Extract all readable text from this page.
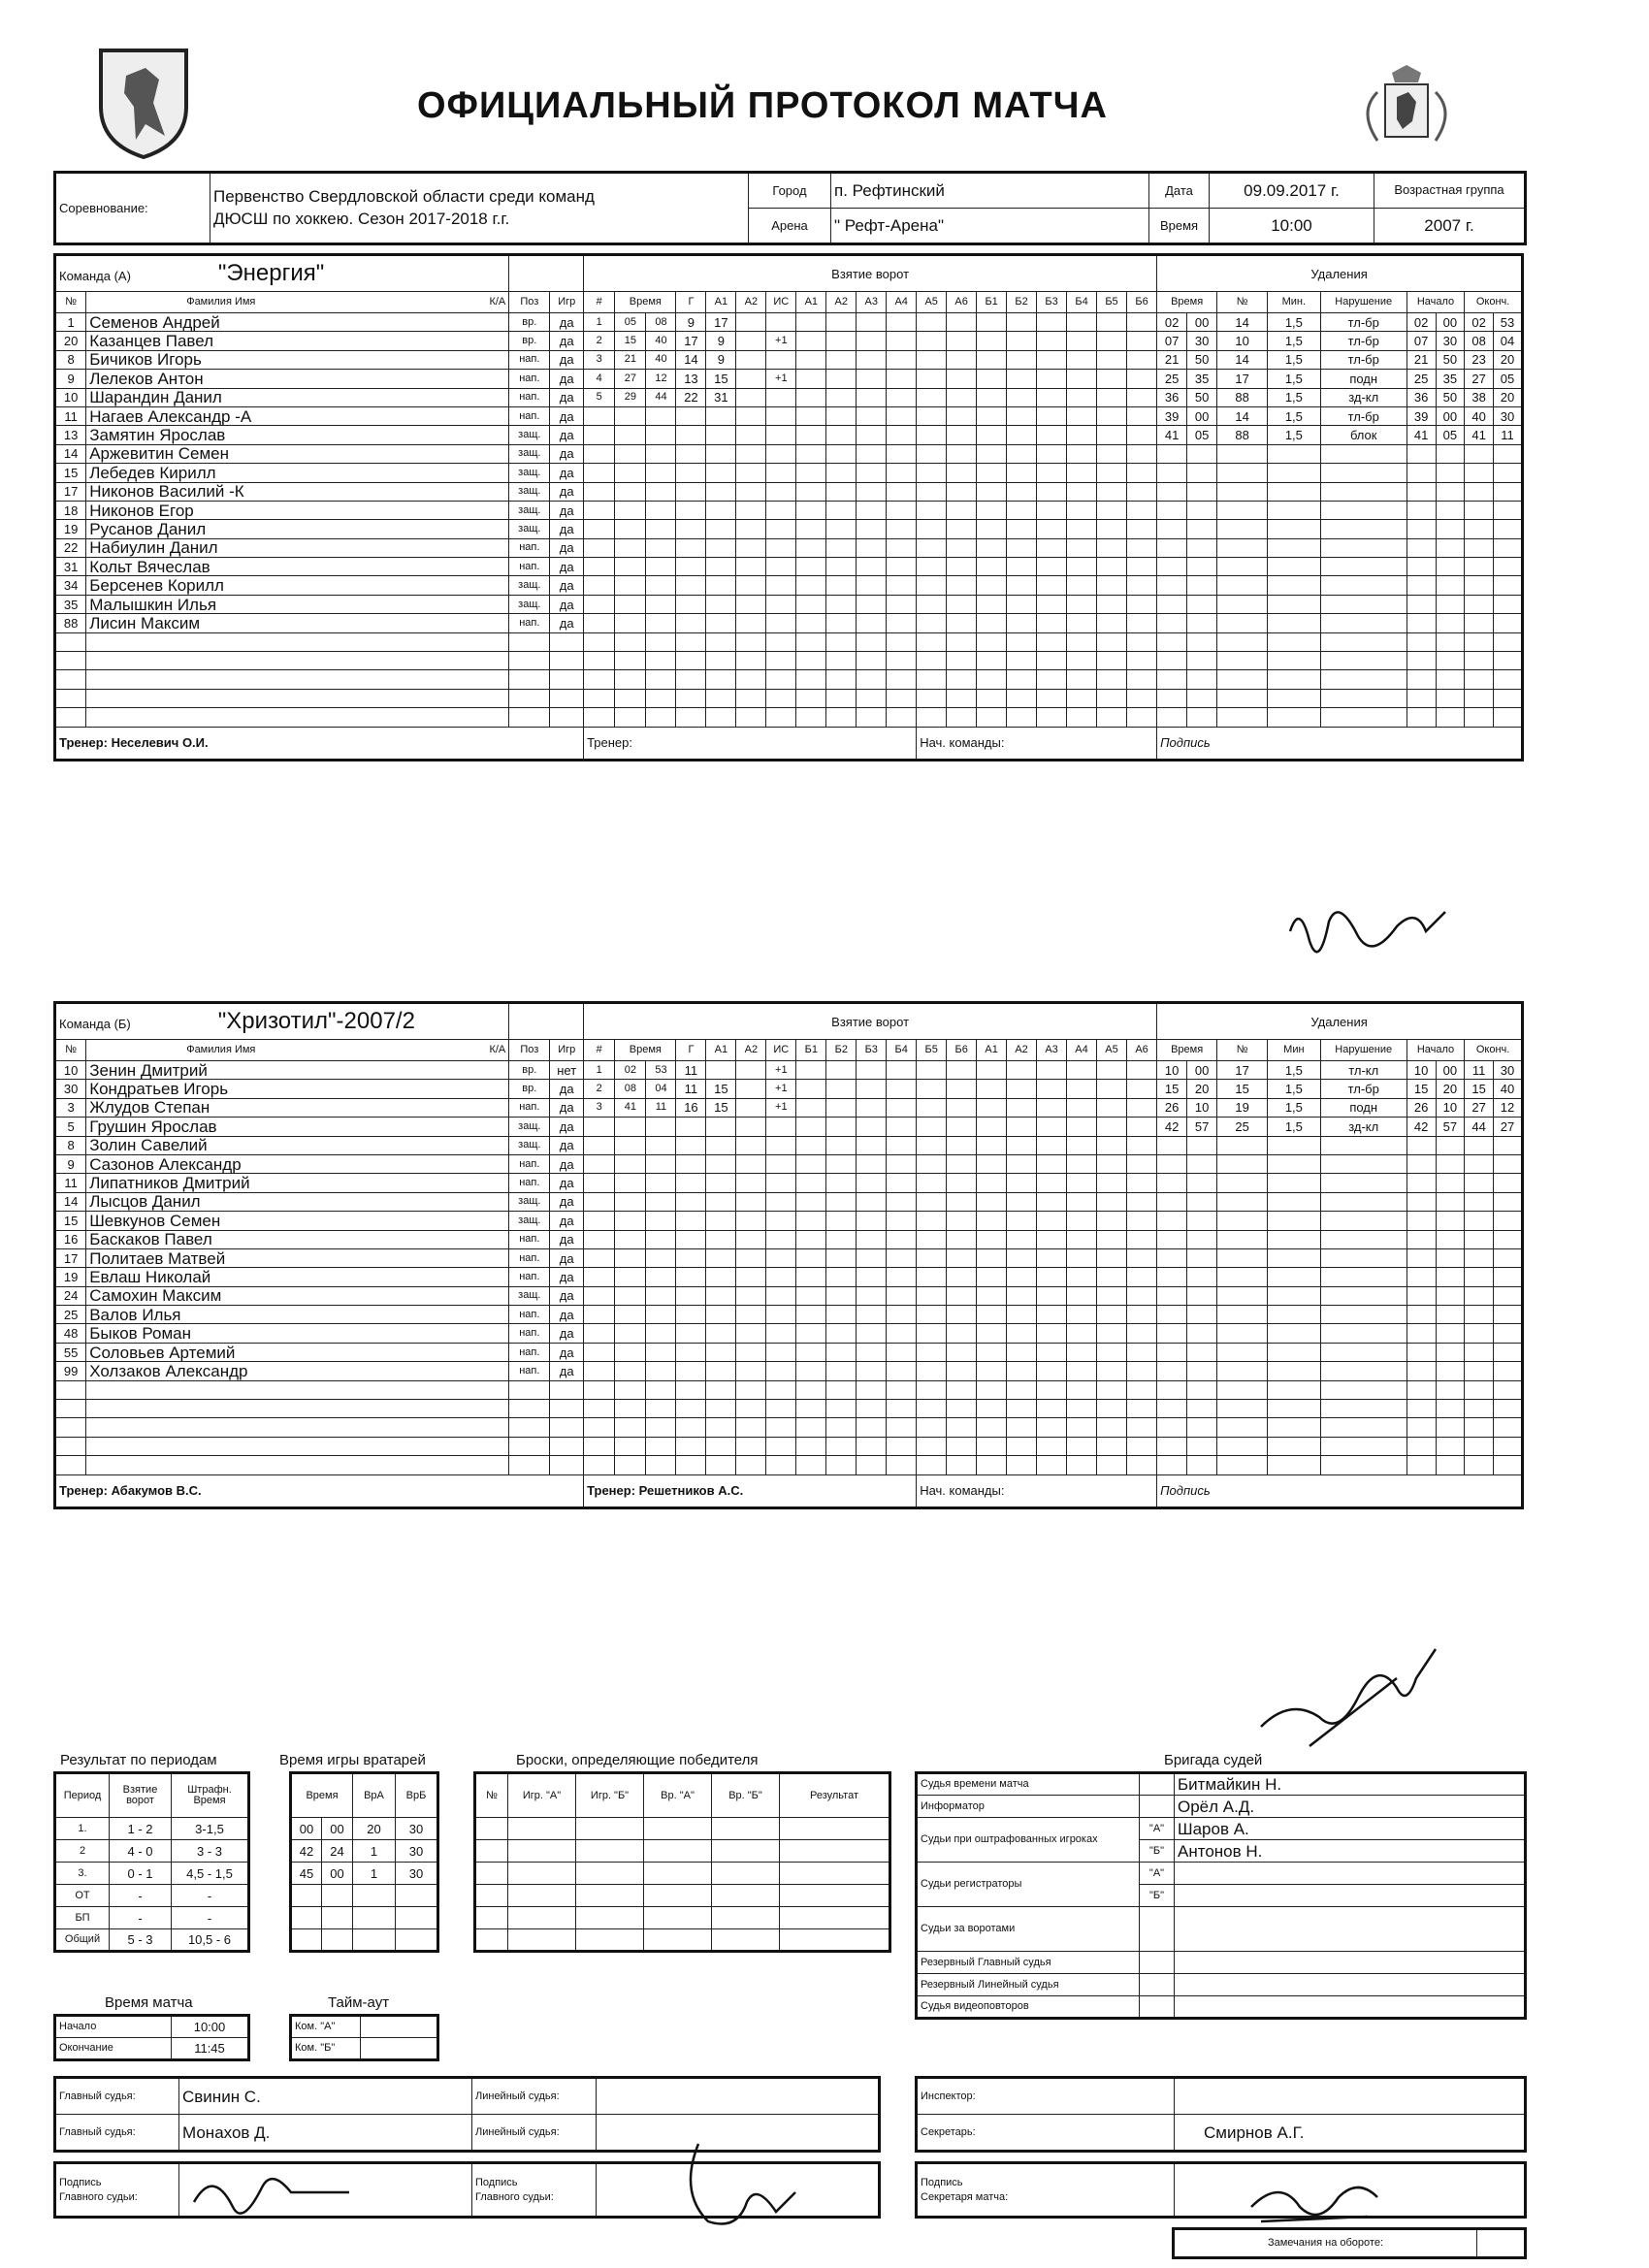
ОФИЦИАЛЬНЫЙ ПРОТОКОЛ МАТЧА
Соревнование:	Первенство Свердловской области среди команд
ДЮСШ по хоккею. Сезон 2017-2018 г.г.	Город	п. Рефтинский	Дата	09.09.2017 г.	Возрастная группа
		Арена	" Рефт-Арена"	Время	10:00	2007 г.
Команда (А) "Энергия"				Взятие ворот																			Удаления								
№	Фамилия Имя К/А	Поз	Игр	#	Время		Г	А1	А2	ИС	А1	А2	А3	А4	А5	А6	Б1	Б2	Б3	Б4	Б5	Б6	Время		№	Мин.	Нарушение	Начало		Оконч.	
1	Семенов Андрей	вр.	да	1	05	08	9	17															02	00	14	1,5	тл-бр	02	00	02	53
20	Казанцев Павел	вр.	да	2	15	40	17	9		+1													07	30	10	1,5	тл-бр	07	30	08	04
8	Бичиков Игорь	нап.	да	3	21	40	14	9															21	50	14	1,5	тл-бр	21	50	23	20
9	Лелеков Антон	нап.	да	4	27	12	13	15		+1													25	35	17	1,5	подн	25	35	27	05
10	Шарандин Данил	нап.	да	5	29	44	22	31															36	50	88	1,5	зд-кл	36	50	38	20
11	Нагаев Александр -А	нап.	да																				39	00	14	1,5	тл-бр	39	00	40	30
13	Замятин Ярослав	защ.	да																				41	05	88	1,5	блок	41	05	41	11
14	Аржевитин Семен	защ.	да																												
15	Лебедев Кирилл	защ.	да																												
17	Никонов Василий -К	защ.	да																												
18	Никонов Егор	защ.	да																												
19	Русанов Данил	защ.	да																												
22	Набиулин Данил	нап.	да																												
31	Кольт Вячеслав	нап.	да																												
34	Берсенев Корилл	защ.	да																												
35	Малышкин Илья	защ.	да																												
88	Лисин Максим	нап.	да																												

Тренер: Неселевич О.И.				Тренер:											Нач. команды:								Подпись								
Команда (Б) "Хризотил"-2007/2				Взятие ворот																			Удаления								
№	Фамилия Имя К/А	Поз	Игр	#	Время		Г	А1	А2	ИС	Б1	Б2	Б3	Б4	Б5	Б6	А1	А2	А3	А4	А5	А6	Время		№	Мин	Нарушение	Начало		Оконч.	
10	Зенин Дмитрий	вр.	нет	1	02	53	11			+1													10	00	17	1,5	тл-кл	10	00	11	30
30	Кондратьев Игорь	вр.	да	2	08	04	11	15		+1													15	20	15	1,5	тл-бр	15	20	15	40
3	Жлудов Степан	нап.	да	3	41	11	16	15		+1													26	10	19	1,5	подн	26	10	27	12
5	Грушин Ярослав	защ.	да																				42	57	25	1,5	зд-кл	42	57	44	27
8	Золин Савелий	защ.	да																												
9	Сазонов Александр	нап.	да																												
11	Липатников Дмитрий	нап.	да																												
14	Лысцов Данил	защ.	да																												
15	Шевкунов Семен	защ.	да																												
16	Баскаков Павел	нап.	да																												
17	Политаев Матвей	нап.	да																												
19	Евлаш Николай	нап.	да																												
24	Самохин Максим	защ.	да																												
25	Валов Илья	нап.	да																												
48	Быков Роман	нап.	да																												
55	Соловьев Артемий	нап.	да																												
99	Холзаков Александр	нап.	да																												

Тренер: Абакумов В.С.				Тренер: Решетников А.С.											Нач. команды:								Подпись								
Результат по периодам
Период	Взятие ворот	Штрафн. Время
1.	1 - 2	3-1,5
2	4 - 0	3 - 3
3.	0 - 1	4,5 - 1,5
ОТ	-	-
БП	-	-
Общий	5 - 3	10,5 - 6
Время игры вратарей
Время		ВрА	ВрБ
00	00	20	30
42	24	1	30
45	00	1	30

Броски, определяющие победителя
№	Игр. "А"	Игр. "Б"	Вр. "А"	Вр. "Б"	Результат

Время матча
Начало	10:00
Окончание	11:45
Тайм-аут
Ком. "А"	
Ком. "Б"	
Бригада судей
Судья времени матча		Битмайкин Н.
Информатор		Орёл А.Д.
Судьи при оштрафованных игроках	"А"	Шаров А.
	"Б"	Антонов Н.
Судьи регистраторы	"А"	
	"Б"	
Судьи за воротами		
Резервный Главный судья		
Резервный Линейный судья		
Судья видеоповторов		
Главный судья:	Свинин С.	Линейный судья:	
Главный судья:	Монахов Д.	Линейный судья:	
Инспектор:	
Секретарь:	Смирнов А.Г.
Подпись
Главного судьи:

Подпись
Главного судьи:

Подпись
Секретаря матча:

Замечания на обороте:	
